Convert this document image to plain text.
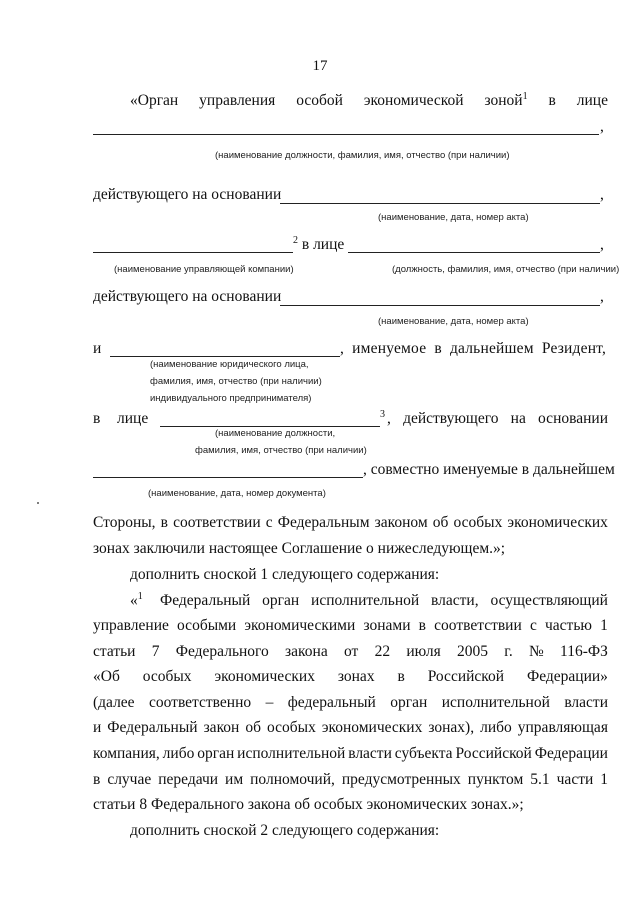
17
«Орган управления особой экономической зоной$^1$ в лице
,
(наименование должности, фамилия, имя, отчество (при наличии)
действующего на основании	,
(наименование, дата, номер акта)
$^2$ в лице	,
(наименование управляющей компании)	(должность, фамилия, имя, отчество (при наличии)
действующего на основании	,
(наименование, дата, номер акта)
и	, именуемое в дальнейшем Резидент,
(наименование юридического лица,
фамилия, имя, отчество (при наличии)
индивидуального предпринимателя)
в лице	$^3$ , действующего на основании
(наименование должности,
фамилия, имя, отчество (при наличии)
, совместно именуемые в дальнейшем
(наименование, дата, номер документа)
Стороны, в соответствии с Федеральным законом об особых экономических
зонах заключили настоящее Соглашение о нижеследующем.»;
дополнить сноской 1 следующего содержания:
«$^1$ Федеральный орган исполнительной власти, осуществляющий
управление особыми экономическими зонами в соответствии с частью 1
статьи 7 Федерального закона от 22 июля 2005 г. № 116-ФЗ
«Об особых экономических зонах в Российской Федерации»
(далее соответственно – федеральный орган исполнительной власти
и Федеральный закон об особых экономических зонах), либо управляющая
компания, либо орган исполнительной власти субъекта Российской Федерации
в случае передачи им полномочий, предусмотренных пунктом 5.1 части 1
статьи 8 Федерального закона об особых экономических зонах.»;
дополнить сноской 2 следующего содержания:
